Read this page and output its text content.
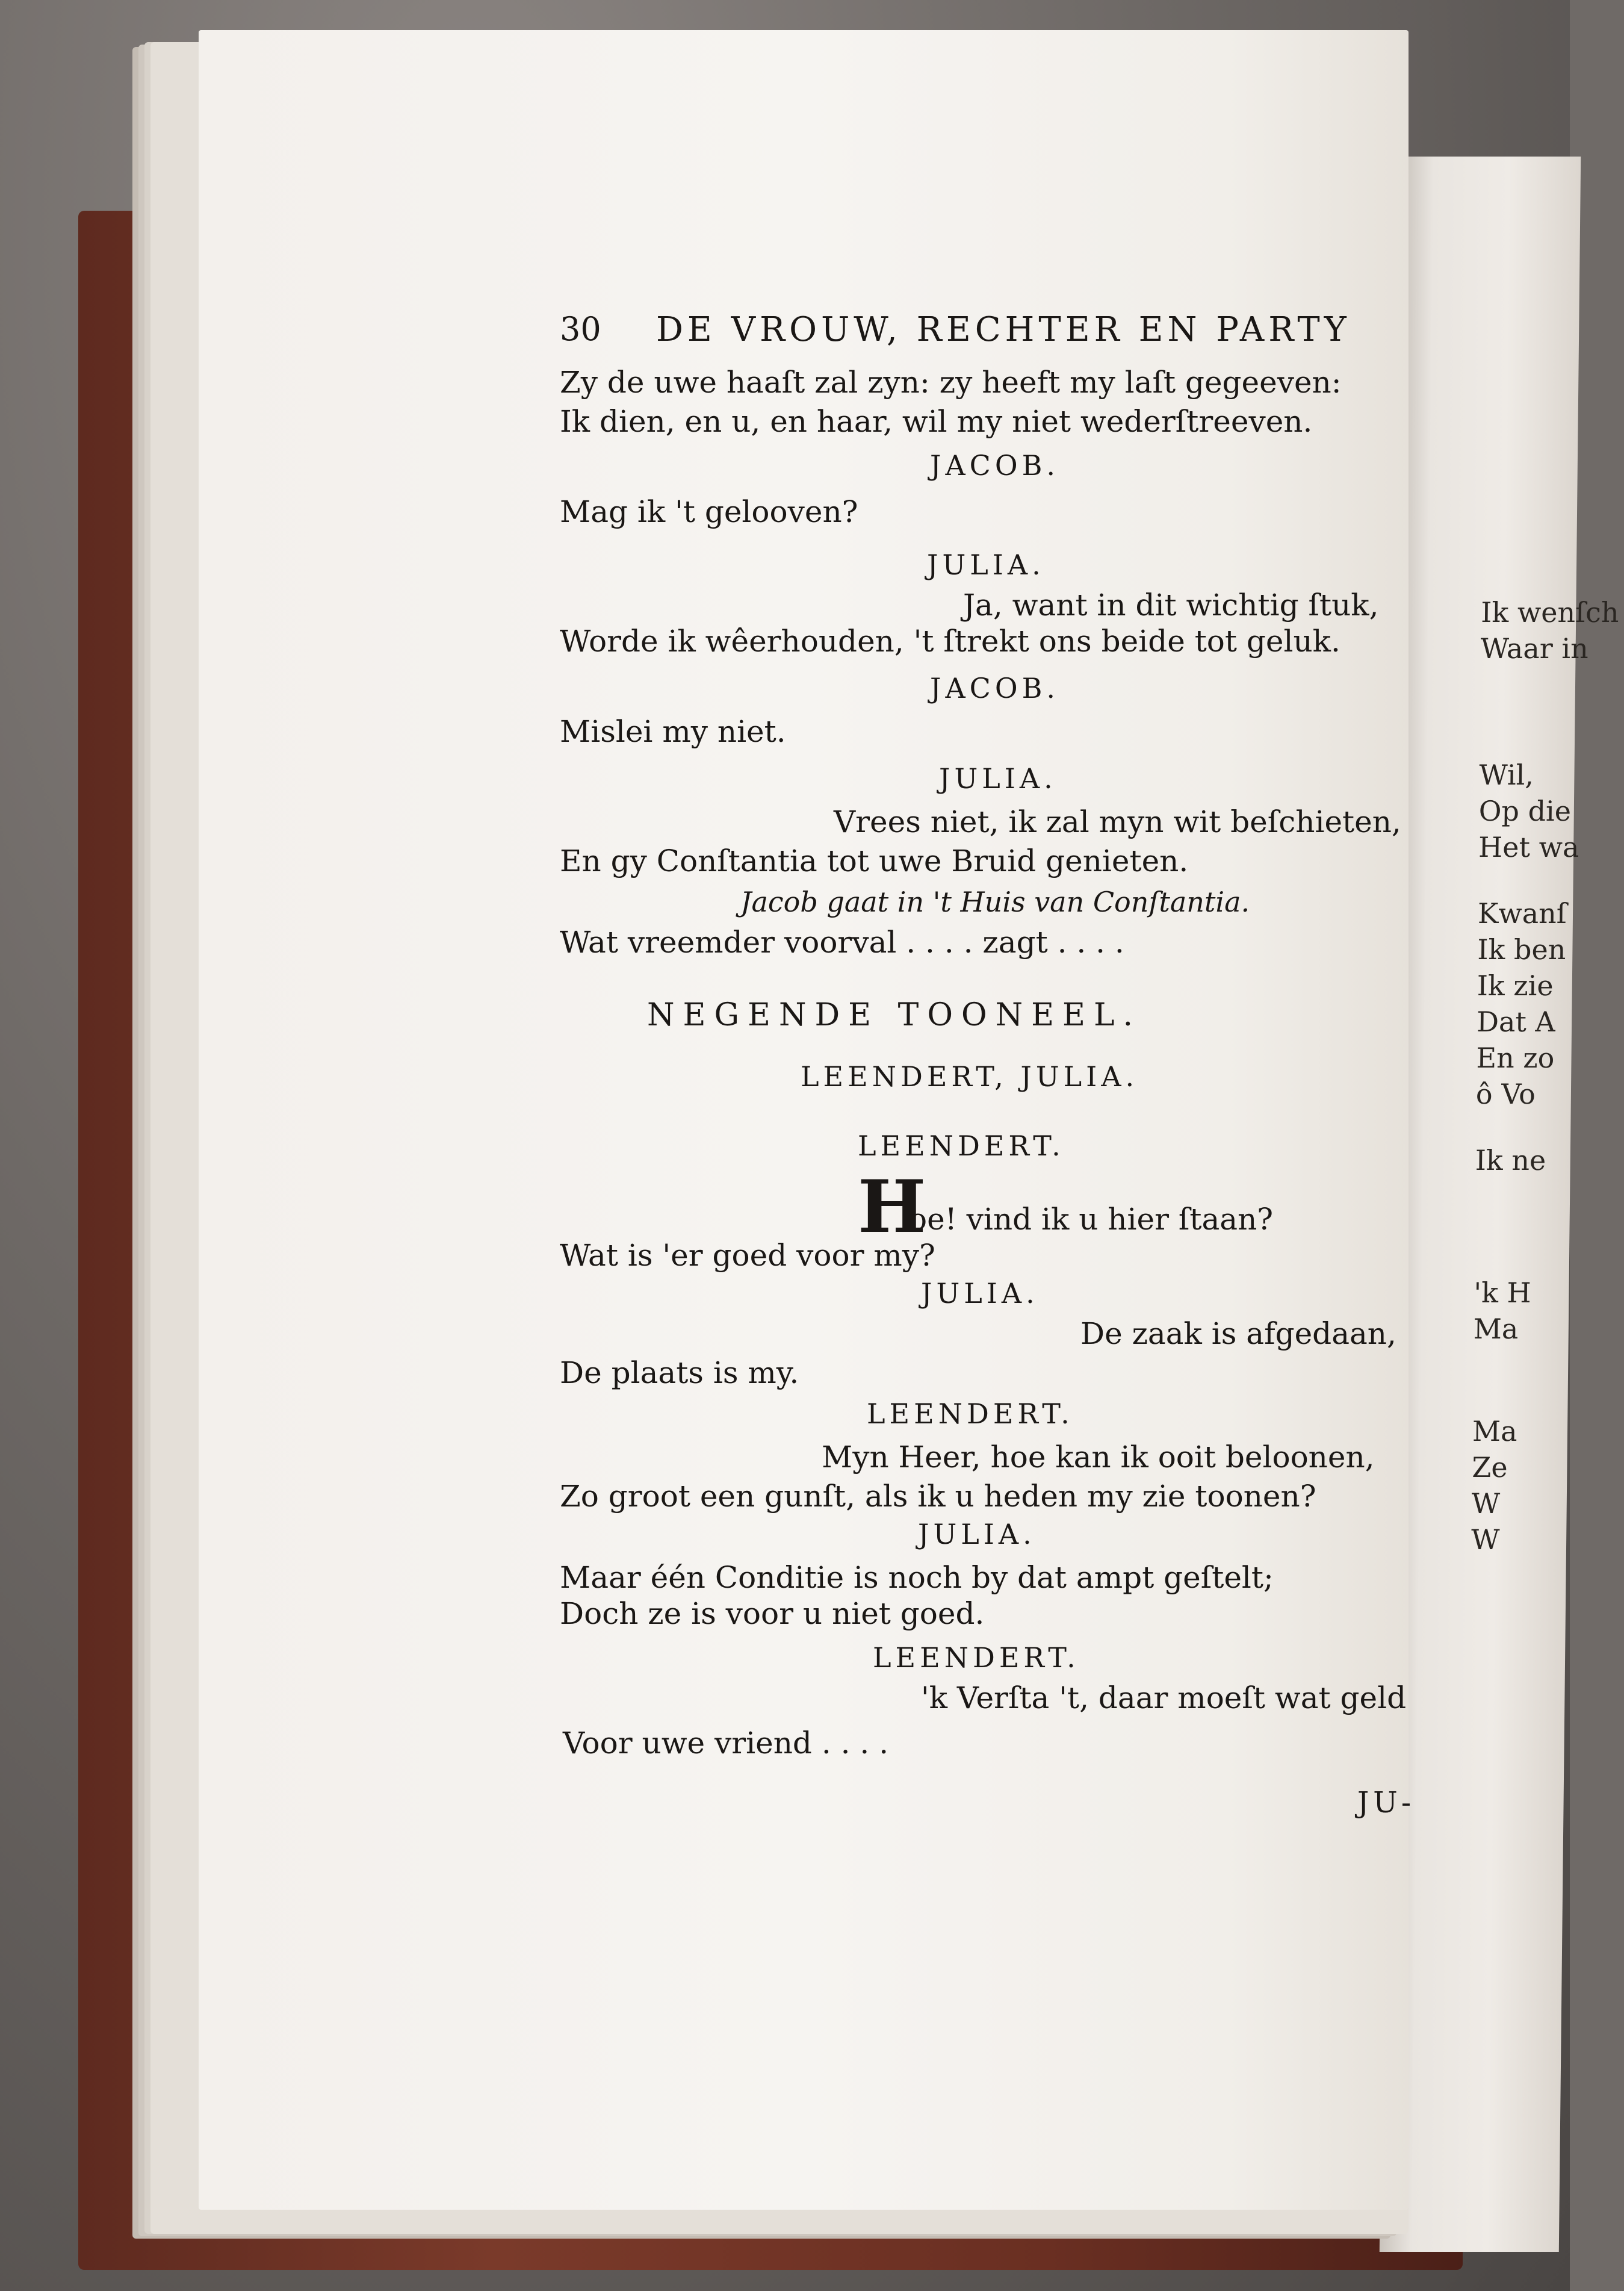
Ik wenſch
Waar in
Wil,
Op die
Het wa
Kwanſ
Ik ben
Ik zie
Dat A
En zo
ô Vo
Ik ne
'k H
Ma
Ma
Ze
W
W
30 DE VROUW, RECHTER EN PARTY
Zy de uwe haaſt zal zyn: zy heeft my laſt gegeeven:
Ik dien, en u, en haar, wil my niet wederſtreeven.
JACOB.
Mag ik 't gelooven?
JULIA.
Ja, want in dit wichtig ſtuk,
Worde ik wêerhouden, 't ſtrekt ons beide tot geluk.
JACOB.
Mislei my niet.
JULIA.
Vrees niet, ik zal myn wit beſchieten,
En gy Conſtantia tot uwe Bruid genieten.
Jacob gaat in 't Huis van Conſtantia.
Wat vreemder voorval . . . . zagt . . . .
NEGENDE TOONEEL.
LEENDERT, JULIA.
LEENDERT.
H
oe! vind ik u hier ſtaan?
Wat is 'er goed voor my?
JULIA.
De zaak is afgedaan,
De plaats is my.
LEENDERT.
Myn Heer, hoe kan ik ooit beloonen,
Zo groot een gunſt, als ik u heden my zie toonen?
JULIA.
Maar één Conditie is noch by dat ampt geſtelt;
Doch ze is voor u niet goed.
LEENDERT.
'k Verſta 't, daar moeſt wat geld
Voor uwe vriend . . . .
JU-
